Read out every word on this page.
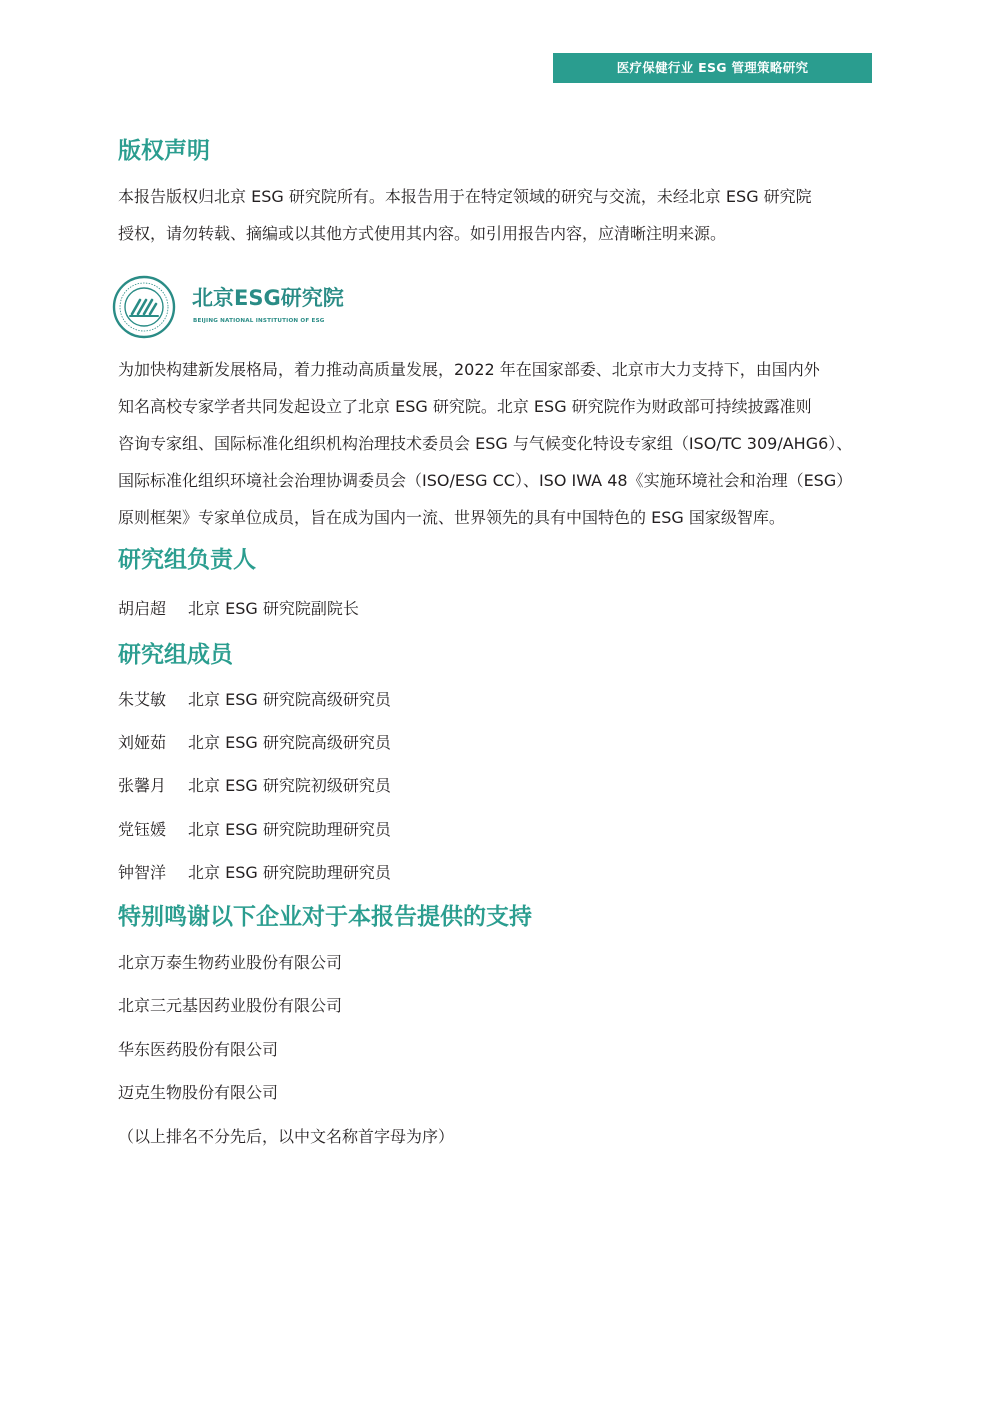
医疗保健行业 ESG 管理策略研究
版权声明
本报告版权归北京 ESG 研究院所有。本报告用于在特定领域的研究与交流，未经北京 ESG 研究院
授权，请勿转载、摘编或以其他方式使用其内容。如引用报告内容，应清晰注明来源。
北京ESG研究院
BEIJING NATIONAL INSTITUTION OF ESG
为加快构建新发展格局，着力推动高质量发展，2022 年在国家部委、北京市大力支持下，由国内外
知名高校专家学者共同发起设立了北京 ESG 研究院。北京 ESG 研究院作为财政部可持续披露准则
咨询专家组、国际标准化组织机构治理技术委员会 ESG 与气候变化特设专家组（ISO/TC 309/AHG6）、
国际标准化组织环境社会治理协调委员会（ISO/ESG CC）、ISO IWA 48《实施环境社会和治理（ESG）
原则框架》专家单位成员，旨在成为国内一流、世界领先的具有中国特色的 ESG 国家级智库。
研究组负责人
胡启超 北京 ESG 研究院副院长
研究组成员
朱艾敏 北京 ESG 研究院高级研究员
刘娅茹 北京 ESG 研究院高级研究员
张馨月 北京 ESG 研究院初级研究员
党钰媛 北京 ESG 研究院助理研究员
钟智洋 北京 ESG 研究院助理研究员
特别鸣谢以下企业对于本报告提供的支持
北京万泰生物药业股份有限公司
北京三元基因药业股份有限公司
华东医药股份有限公司
迈克生物股份有限公司
（以上排名不分先后，以中文名称首字母为序）
